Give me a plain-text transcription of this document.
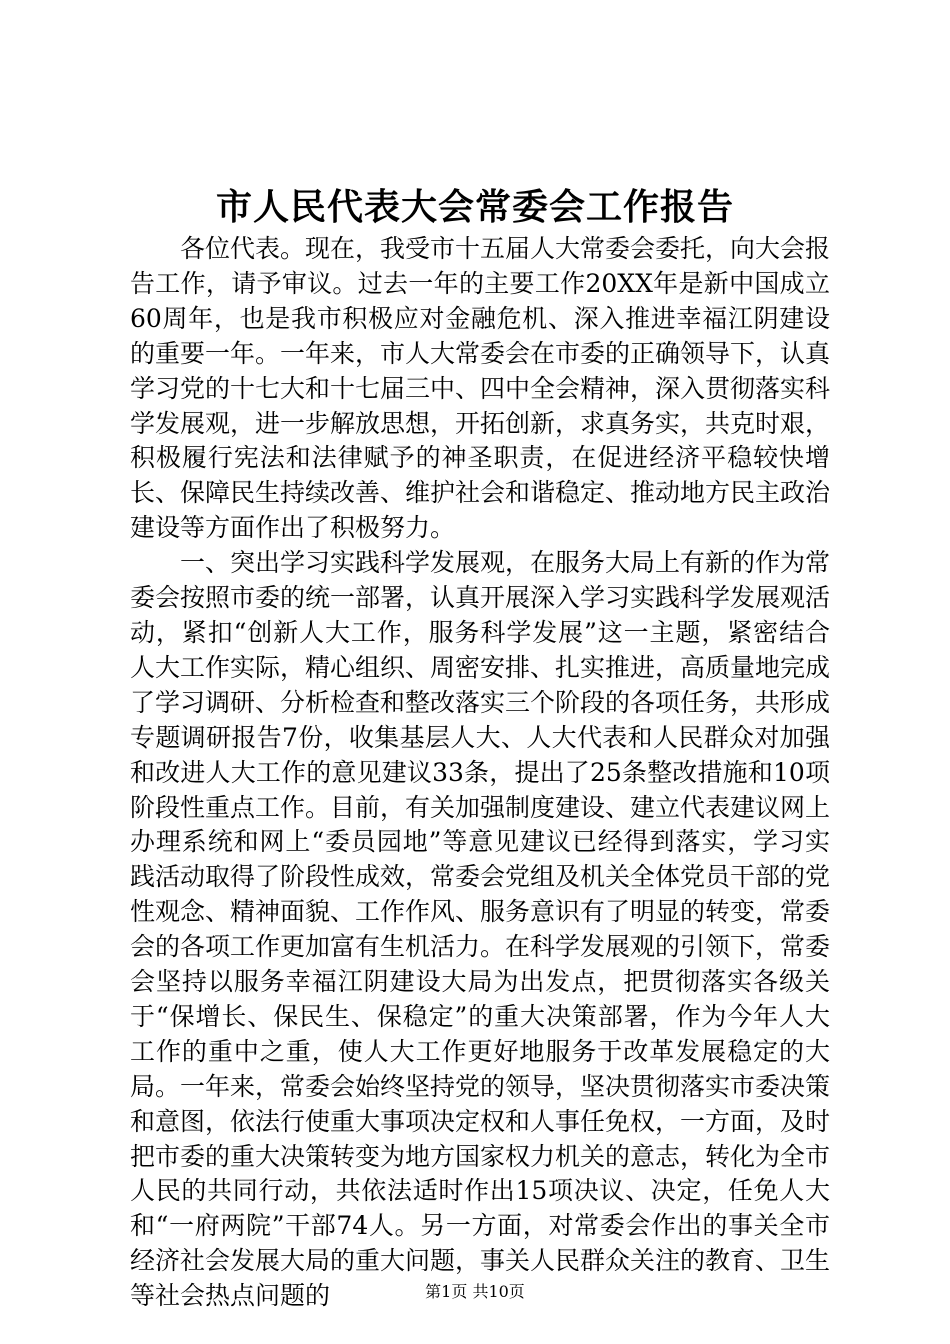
市人民代表大会常委会工作报告

各位代表。现在，我受市十五届人大常委会委托，向大会报告工作，请予审议。过去一年的主要工作20XX年是新中国成立60周年，也是我市积极应对金融危机、深入推进幸福江阴建设的重要一年。一年来，市人大常委会在市委的正确领导下，认真学习党的十七大和十七届三中、四中全会精神，深入贯彻落实科学发展观，进一步解放思想，开拓创新，求真务实，共克时艰，积极履行宪法和法律赋予的神圣职责，在促进经济平稳较快增长、保障民生持续改善、维护社会和谐稳定、推动地方民主政治建设等方面作出了积极努力。

一、突出学习实践科学发展观，在服务大局上有新的作为常委会按照市委的统一部署，认真开展深入学习实践科学发展观活动，紧扣“创新人大工作，服务科学发展”这一主题，紧密结合人大工作实际，精心组织、周密安排、扎实推进，高质量地完成了学习调研、分析检查和整改落实三个阶段的各项任务，共形成专题调研报告7份，收集基层人大、人大代表和人民群众对加强和改进人大工作的意见建议33条，提出了25条整改措施和10项阶段性重点工作。目前，有关加强制度建设、建立代表建议网上办理系统和网上“委员园地”等意见建议已经得到落实，学习实践活动取得了阶段性成效，常委会党组及机关全体党员干部的党性观念、精神面貌、工作作风、服务意识有了明显的转变，常委会的各项工作更加富有生机活力。在科学发展观的引领下，常委会坚持以服务幸福江阴建设大局为出发点，把贯彻落实各级关于“保增长、保民生、保稳定”的重大决策部署，作为今年人大工作的重中之重，使人大工作更好地服务于改革发展稳定的大局。一年来，常委会始终坚持党的领导，坚决贯彻落实市委决策和意图，依法行使重大事项决定权和人事任免权，一方面，及时把市委的重大决策转变为地方国家权力机关的意志，转化为全市人民的共同行动，共依法适时作出15项决议、决定，任免人大和“一府两院”干部74人。另一方面，对常委会作出的事关全市经济社会发展大局的重大问题，事关人民群众关注的教育、卫生等社会热点问题的	第1页 共10页
